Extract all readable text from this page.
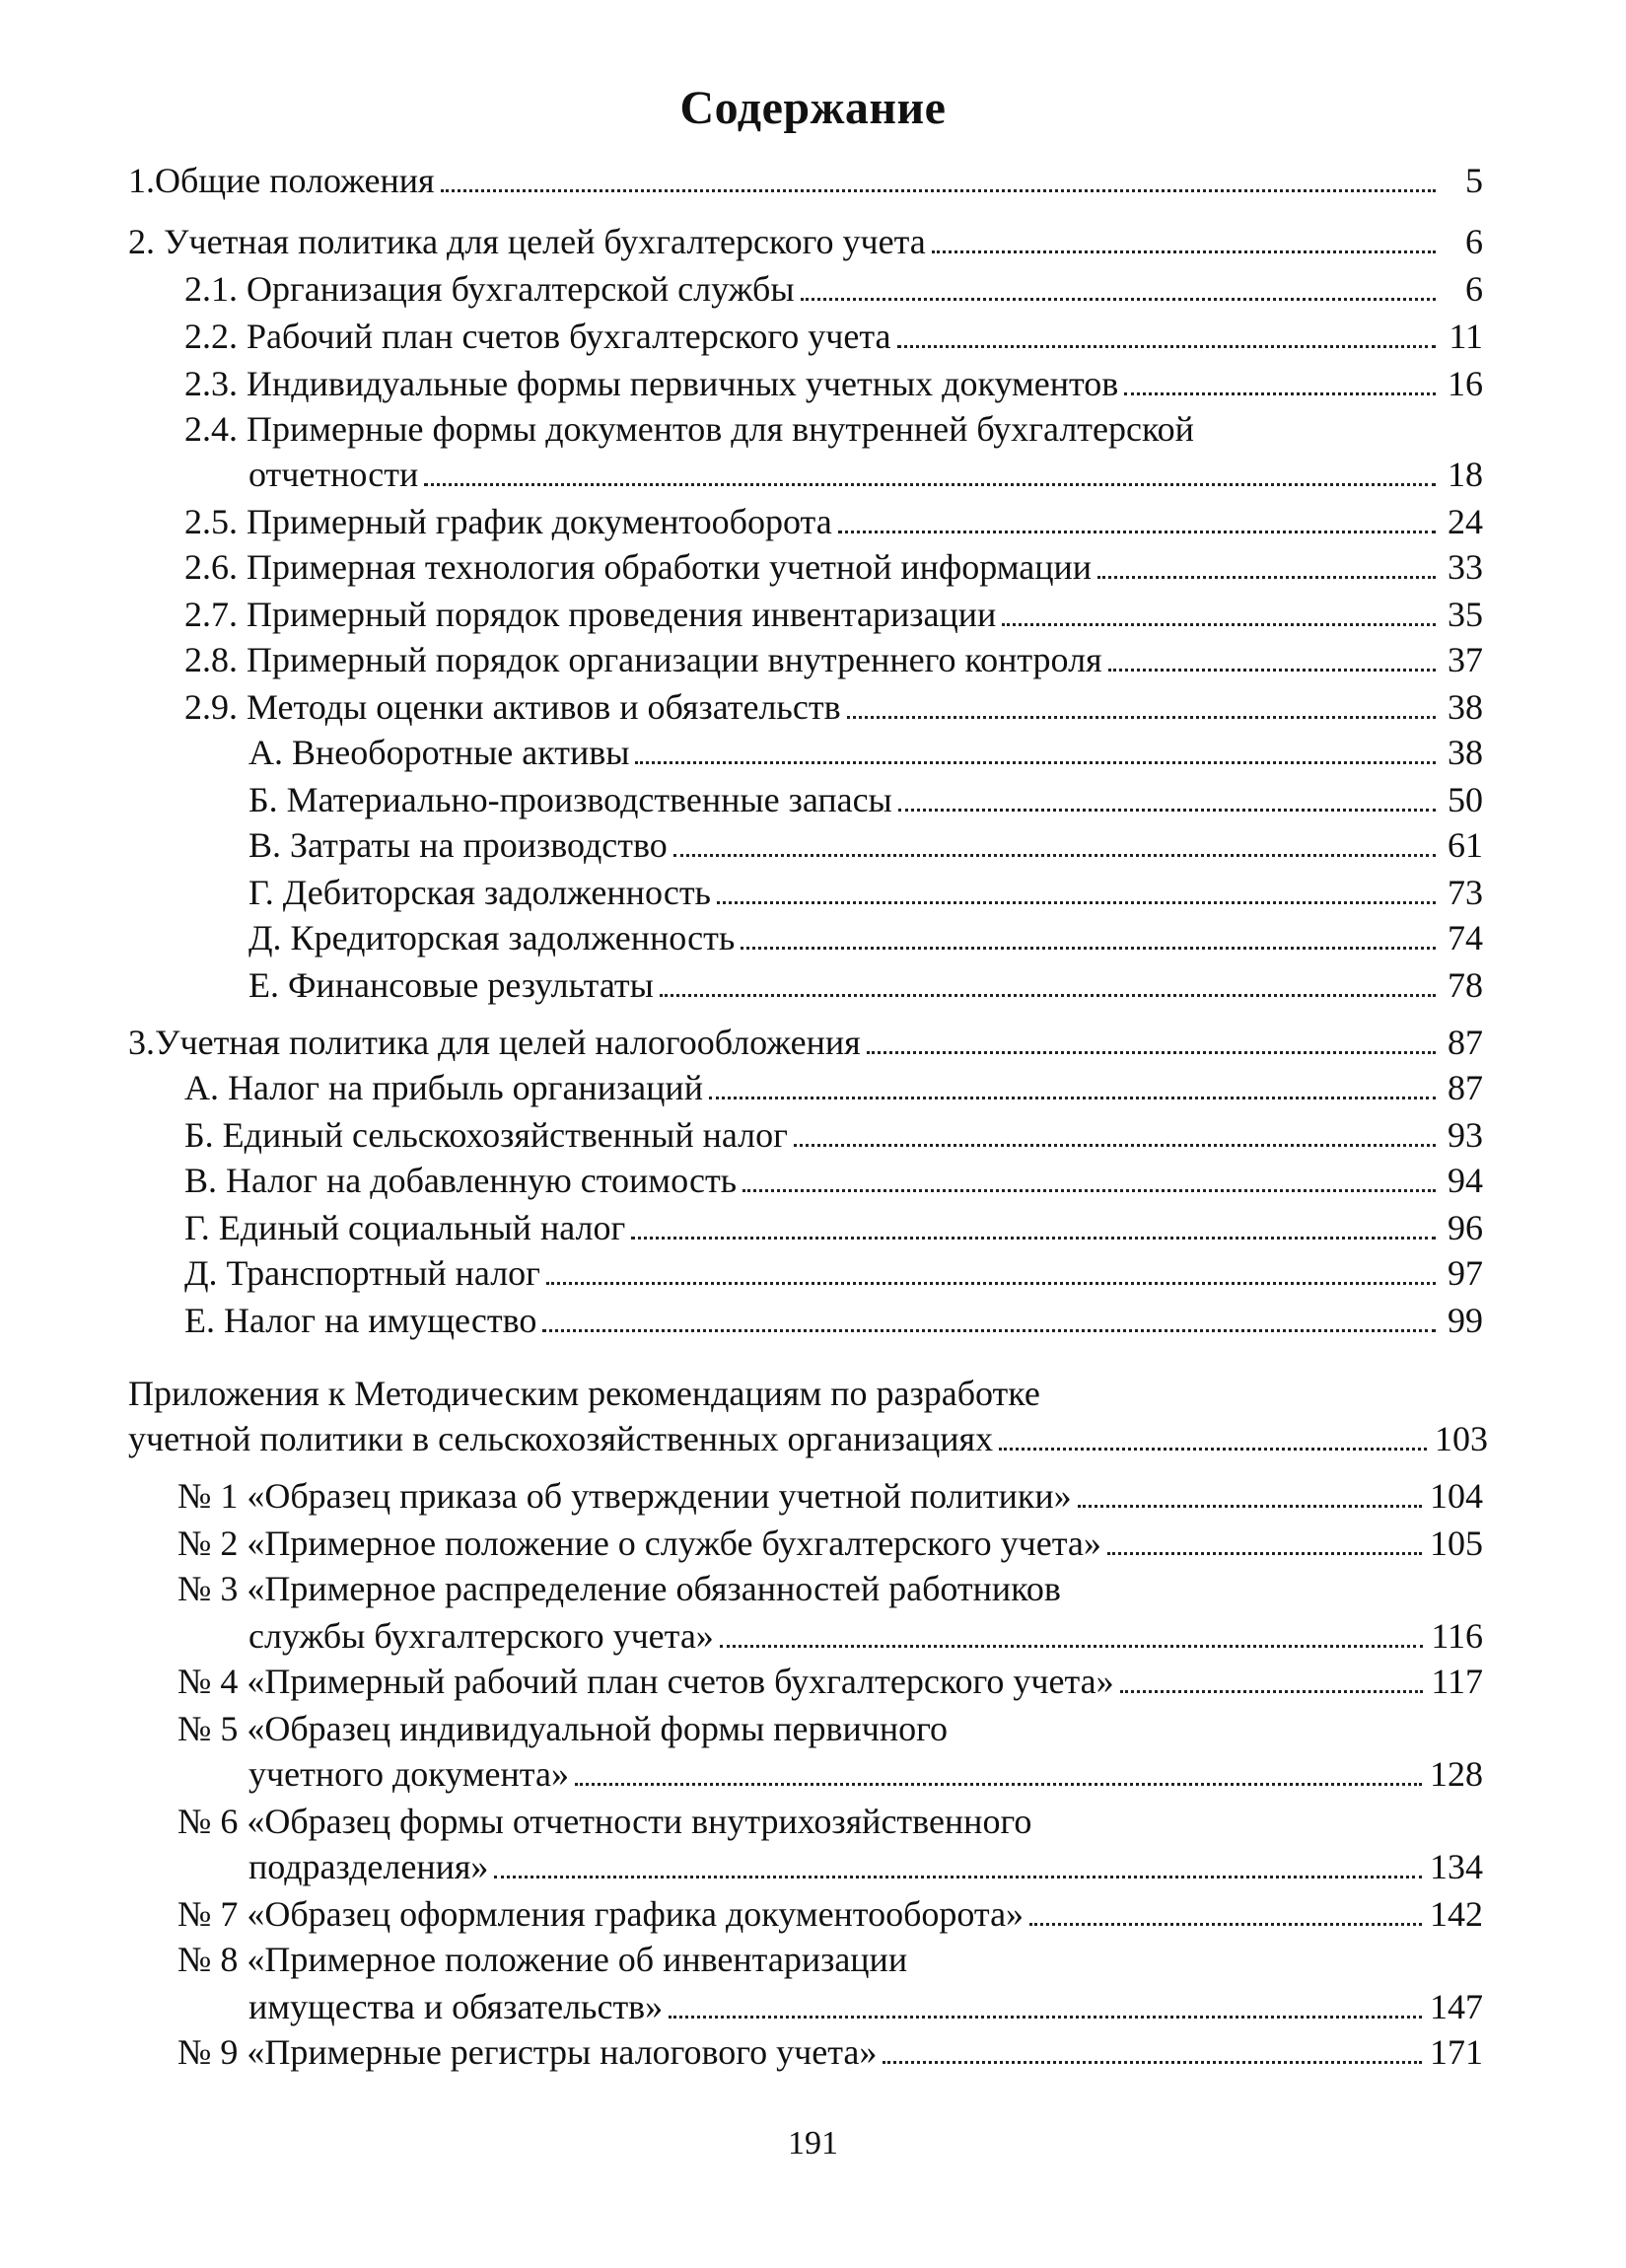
Содержание
1.Общие положения	5
2. Учетная политика для целей бухгалтерского учета	6
2.1. Организация бухгалтерской службы	6
2.2. Рабочий план счетов бухгалтерского учета	11
2.3. Индивидуальные формы первичных учетных документов	16
2.4. Примерные формы документов для внутренней бухгалтерской
отчетности	18
2.5. Примерный график документооборота	24
2.6. Примерная технология обработки учетной информации	33
2.7. Примерный порядок проведения инвентаризации	35
2.8. Примерный порядок организации внутреннего контроля	37
2.9. Методы оценки активов и обязательств	38
А. Внеоборотные активы	38
Б. Материально-производственные запасы	50
В. Затраты на производство	61
Г. Дебиторская задолженность	73
Д. Кредиторская задолженность	74
Е. Финансовые результаты	78
3.Учетная политика для целей налогообложения	87
А. Налог на прибыль организаций	87
Б. Единый сельскохозяйственный налог	93
В. Налог на добавленную стоимость	94
Г. Единый социальный налог	96
Д. Транспортный налог	97
Е. Налог на имущество	99
Приложения к Методическим рекомендациям по разработке
учетной политики в сельскохозяйственных организациях	103
№ 1 «Образец приказа об утверждении учетной политики»	104
№ 2 «Примерное положение о службе бухгалтерского учета»	105
№ 3 «Примерное распределение обязанностей работников
службы бухгалтерского учета»	116
№ 4 «Примерный рабочий план счетов бухгалтерского учета»	117
№ 5 «Образец индивидуальной формы первичного
учетного документа»	128
№ 6 «Образец формы отчетности внутрихозяйственного
подразделения»	134
№ 7 «Образец оформления графика документооборота»	142
№ 8 «Примерное положение об инвентаризации
имущества и обязательств»	147
№ 9 «Примерные регистры налогового учета»	171
191
